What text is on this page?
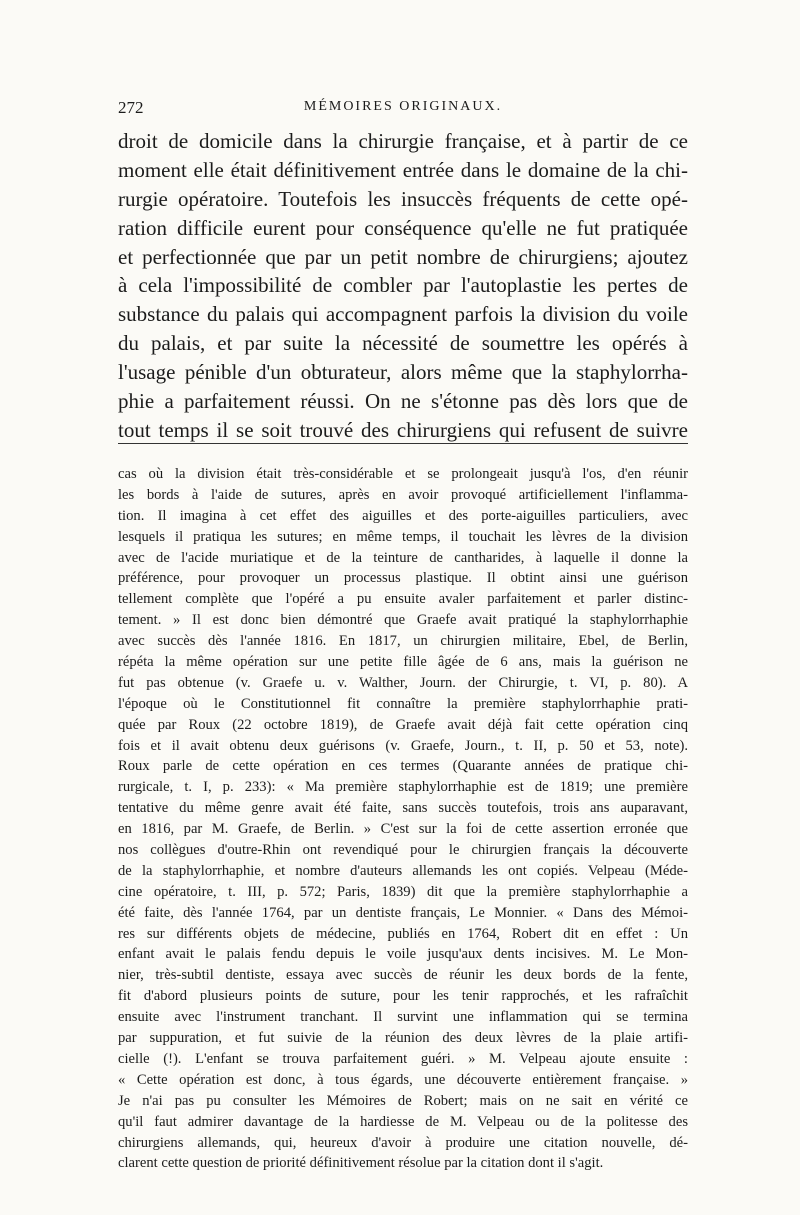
272	MÉMOIRES ORIGINAUX.
droit de domicile dans la chirurgie française, et à partir de ce
moment elle était définitivement entrée dans le domaine de la chi-
rurgie opératoire. Toutefois les insuccès fréquents de cette opé-
ration difficile eurent pour conséquence qu'elle ne fut pratiquée
et perfectionnée que par un petit nombre de chirurgiens; ajoutez
à cela l'impossibilité de combler par l'autoplastie les pertes de
substance du palais qui accompagnent parfois la division du voile
du palais, et par suite la nécessité de soumettre les opérés à
l'usage pénible d'un obturateur, alors même que la staphylorrha-
phie a parfaitement réussi. On ne s'étonne pas dès lors que de
tout temps il se soit trouvé des chirurgiens qui refusent de suivre
cas où la division était très-considérable et se prolongeait jusqu'à l'os, d'en réunir
les bords à l'aide de sutures, après en avoir provoqué artificiellement l'inflamma-
tion. Il imagina à cet effet des aiguilles et des porte-aiguilles particuliers, avec
lesquels il pratiqua les sutures; en même temps, il touchait les lèvres de la division
avec de l'acide muriatique et de la teinture de cantharides, à laquelle il donne la
préférence, pour provoquer un processus plastique. Il obtint ainsi une guérison
tellement complète que l'opéré a pu ensuite avaler parfaitement et parler distinc-
tement. » Il est donc bien démontré que Graefe avait pratiqué la staphylorrhaphie
avec succès dès l'année 1816. En 1817, un chirurgien militaire, Ebel, de Berlin,
répéta la même opération sur une petite fille âgée de 6 ans, mais la guérison ne
fut pas obtenue (v. Graefe u. v. Walther, Journ. der Chirurgie, t. VI, p. 80). A
l'époque où le Constitutionnel fit connaître la première staphylorrhaphie prati-
quée par Roux (22 octobre 1819), de Graefe avait déjà fait cette opération cinq
fois et il avait obtenu deux guérisons (v. Graefe, Journ., t. II, p. 50 et 53, note).
Roux parle de cette opération en ces termes (Quarante années de pratique chi-
rurgicale, t. I, p. 233): « Ma première staphylorrhaphie est de 1819; une première
tentative du même genre avait été faite, sans succès toutefois, trois ans auparavant,
en 1816, par M. Graefe, de Berlin. » C'est sur la foi de cette assertion erronée que
nos collègues d'outre-Rhin ont revendiqué pour le chirurgien français la découverte
de la staphylorrhaphie, et nombre d'auteurs allemands les ont copiés. Velpeau (Méde-
cine opératoire, t. III, p. 572; Paris, 1839) dit que la première staphylorrhaphie a
été faite, dès l'année 1764, par un dentiste français, Le Monnier. « Dans des Mémoi-
res sur différents objets de médecine, publiés en 1764, Robert dit en effet : Un
enfant avait le palais fendu depuis le voile jusqu'aux dents incisives. M. Le Mon-
nier, très-subtil dentiste, essaya avec succès de réunir les deux bords de la fente,
fit d'abord plusieurs points de suture, pour les tenir rapprochés, et les rafraîchit
ensuite avec l'instrument tranchant. Il survint une inflammation qui se termina
par suppuration, et fut suivie de la réunion des deux lèvres de la plaie artifi-
cielle (!). L'enfant se trouva parfaitement guéri. » M. Velpeau ajoute ensuite :
« Cette opération est donc, à tous égards, une découverte entièrement française. »
Je n'ai pas pu consulter les Mémoires de Robert; mais on ne sait en vérité ce
qu'il faut admirer davantage de la hardiesse de M. Velpeau ou de la politesse des
chirurgiens allemands, qui, heureux d'avoir à produire une citation nouvelle, dé-
clarent cette question de priorité définitivement résolue par la citation dont il s'agit.
